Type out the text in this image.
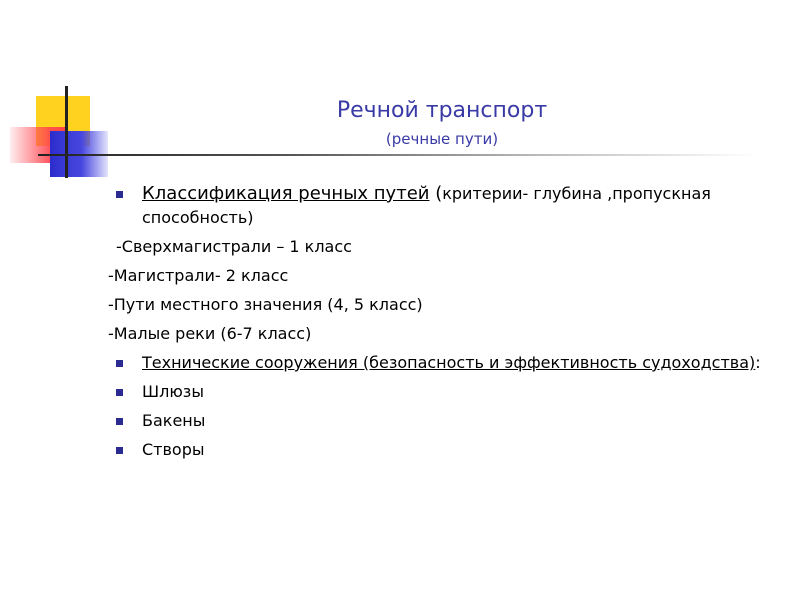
Речной транспорт
(речные пути)
Классификация речных путей (критерии- глубина ,пропускная способность)
-Сверхмагистрали – 1 класс
-Магистрали- 2 класс
-Пути местного значения (4, 5 класс)
-Малые реки (6-7 класс)
Технические сооружения (безопасность и эффективность судоходства):
Шлюзы
Бакены
Створы
